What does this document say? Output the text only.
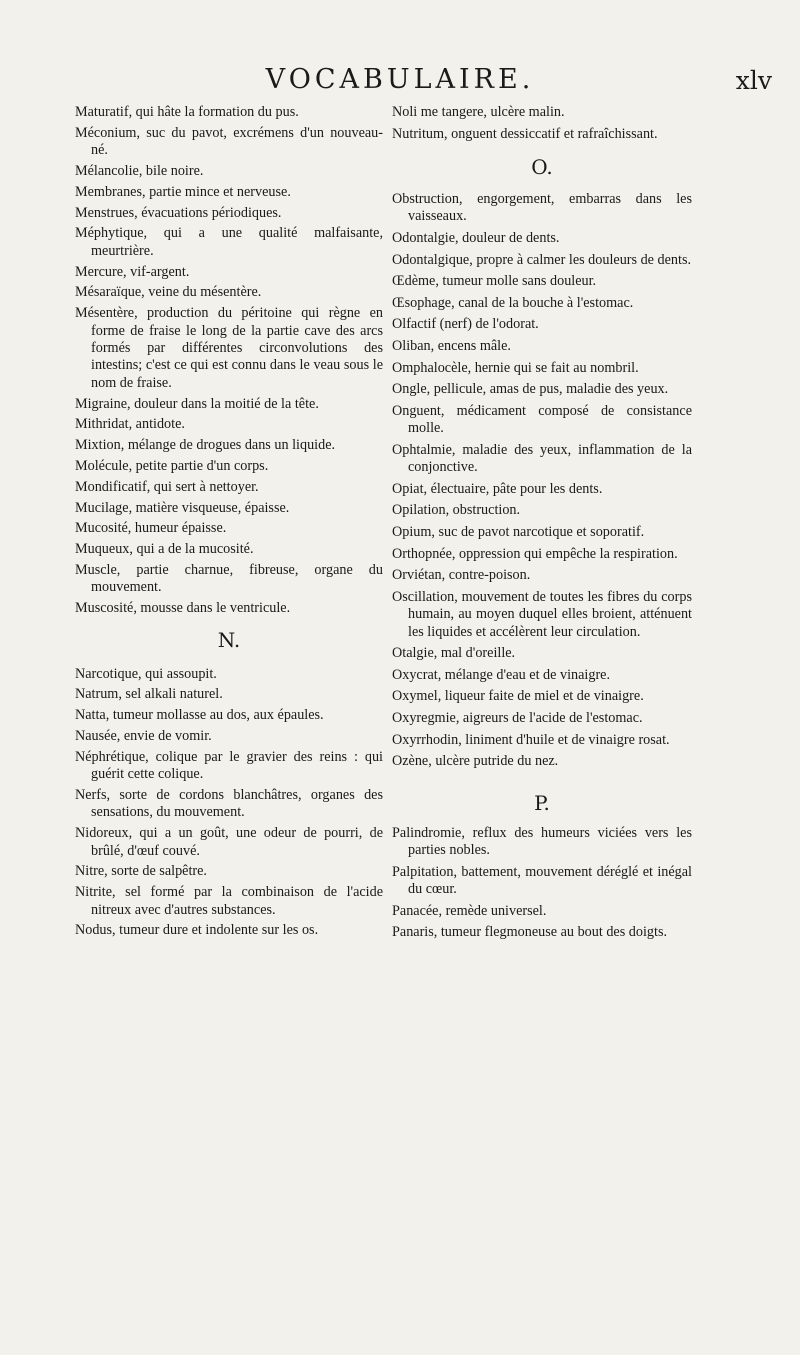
VOCABULAIRE.	xlv

Maturatif, qui hâte la formation du pus.

Méconium, suc du pavot, excrémens d'un nouveau-né.

Mélancolie, bile noire.

Membranes, partie mince et nerveuse.

Menstrues, évacuations périodiques.

Méphytique, qui a une qualité malfaisante, meurtrière.

Mercure, vif-argent.

Mésaraïque, veine du mésentère.

Mésentère, production du péritoine qui règne en forme de fraise le long de la partie cave des arcs formés par différentes circonvolutions des intestins; c'est ce qui est connu dans le veau sous le nom de fraise.

Migraine, douleur dans la moitié de la tête.

Mithridat, antidote.

Mixtion, mélange de drogues dans un liquide.

Molécule, petite partie d'un corps.

Mondificatif, qui sert à nettoyer.

Mucilage, matière visqueuse, épaisse.

Mucosité, humeur épaisse.

Muqueux, qui a de la mucosité.

Muscle, partie charnue, fibreuse, organe du mouvement.

Muscosité, mousse dans le ventricule.

N.

Narcotique, qui assoupit.

Natrum, sel alkali naturel.

Natta, tumeur mollasse au dos, aux épaules.

Nausée, envie de vomir.

Néphrétique, colique par le gravier des reins : qui guérit cette colique.

Nerfs, sorte de cordons blanchâtres, organes des sensations, du mouvement.

Nidoreux, qui a un goût, une odeur de pourri, de brûlé, d'œuf couvé.

Nitre, sorte de salpêtre.

Nitrite, sel formé par la combinaison de l'acide nitreux avec d'autres substances.

Nodus, tumeur dure et indolente sur les os.

Noli me tangere, ulcère malin.

Nutritum, onguent dessiccatif et rafraîchissant.

O.

Obstruction, engorgement, embarras dans les vaisseaux.

Odontalgie, douleur de dents.

Odontalgique, propre à calmer les douleurs de dents.

Œdème, tumeur molle sans douleur.

Œsophage, canal de la bouche à l'estomac.

Olfactif (nerf) de l'odorat.

Oliban, encens mâle.

Omphalocèle, hernie qui se fait au nombril.

Ongle, pellicule, amas de pus, maladie des yeux.

Onguent, médicament composé de consistance molle.

Ophtalmie, maladie des yeux, inflammation de la conjonctive.

Opiat, électuaire, pâte pour les dents.

Opilation, obstruction.

Opium, suc de pavot narcotique et soporatif.

Orthopnée, oppression qui empêche la respiration.

Orviétan, contre-poison.

Oscillation, mouvement de toutes les fibres du corps humain, au moyen duquel elles broient, atténuent les liquides et accélèrent leur circulation.

Otalgie, mal d'oreille.

Oxycrat, mélange d'eau et de vinaigre.

Oxymel, liqueur faite de miel et de vinaigre.

Oxyregmie, aigreurs de l'acide de l'estomac.

Oxyrrhodin, liniment d'huile et de vinaigre rosat.

Ozène, ulcère putride du nez.

P.

Palindromie, reflux des humeurs viciées vers les parties nobles.

Palpitation, battement, mouvement déréglé et inégal du cœur.

Panacée, remède universel.

Panaris, tumeur flegmoneuse au bout des doigts.
